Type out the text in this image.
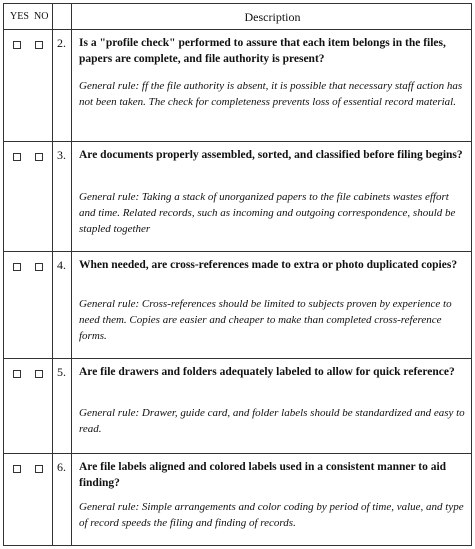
YES NO	Description
2. Is a "profile check" performed to assure that each item belongs in the files, papers are complete, and file authority is present?

General rule: ff the file authority is absent, it is possible that necessary staff action has not been taken. The check for completeness prevents loss of essential record material.

3. Are documents properly assembled, sorted, and classified before filing begins?

General rule: Taking a stack of unorganized papers to the file cabinets wastes effort and time. Related records, such as incoming and outgoing correspondence, should be stapled together

4. When needed, are cross-references made to extra or photo duplicated copies?

General rule: Cross-references should be limited to subjects proven by experience to need them. Copies are easier and cheaper to make than completed cross-reference forms.

5. Are file drawers and folders adequately labeled to allow for quick reference?

General rule: Drawer, guide card, and folder labels should be standardized and easy to read.

6. Are file labels aligned and colored labels used in a consistent manner to aid finding?

General rule: Simple arrangements and color coding by period of time, value, and type of record speeds the filing and finding of records.
